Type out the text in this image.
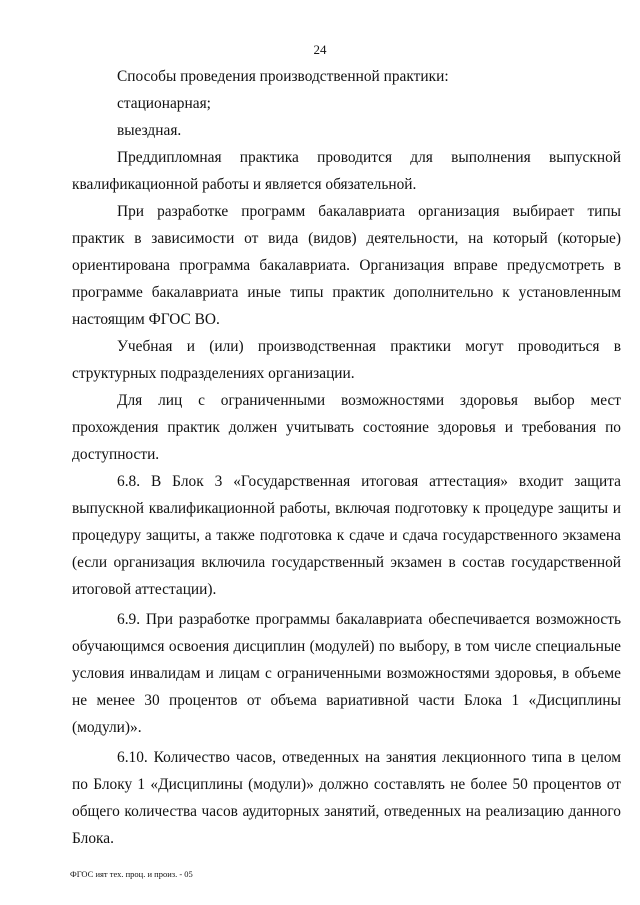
24

Способы проведения производственной практики:

стационарная;

выездная.

Преддипломная практика проводится для выполнения выпускной квалификационной работы и является обязательной.

При разработке программ бакалавриата организация выбирает типы практик в зависимости от вида (видов) деятельности, на который (которые) ориентирована программа бакалавриата. Организация вправе предусмотреть в программе бакалавриата иные типы практик дополнительно к установленным настоящим ФГОС ВО.

Учебная и (или) производственная практики могут проводиться в структурных подразделениях организации.

Для лиц с ограниченными возможностями здоровья выбор мест прохождения практик должен учитывать состояние здоровья и требования по доступности.

6.8. В Блок 3 «Государственная итоговая аттестация» входит защита выпускной квалификационной работы, включая подготовку к процедуре защиты и процедуру защиты, а также подготовка к сдаче и сдача государственного экзамена (если организация включила государственный экзамен в состав государственной итоговой аттестации).

6.9. При разработке программы бакалавриата обеспечивается возможность обучающимся освоения дисциплин (модулей) по выбору, в том числе специальные условия инвалидам и лицам с ограниченными возможностями здоровья, в объеме не менее 30 процентов от объема вариативной части Блока 1 «Дисциплины (модули)».

6.10. Количество часов, отведенных на занятия лекционного типа в целом по Блоку 1 «Дисциплины (модули)» должно составлять не более 50 процентов от общего количества часов аудиторных занятий, отведенных на реализацию данного Блока.

ФГОС ият тех. проц. и произ. - 05
